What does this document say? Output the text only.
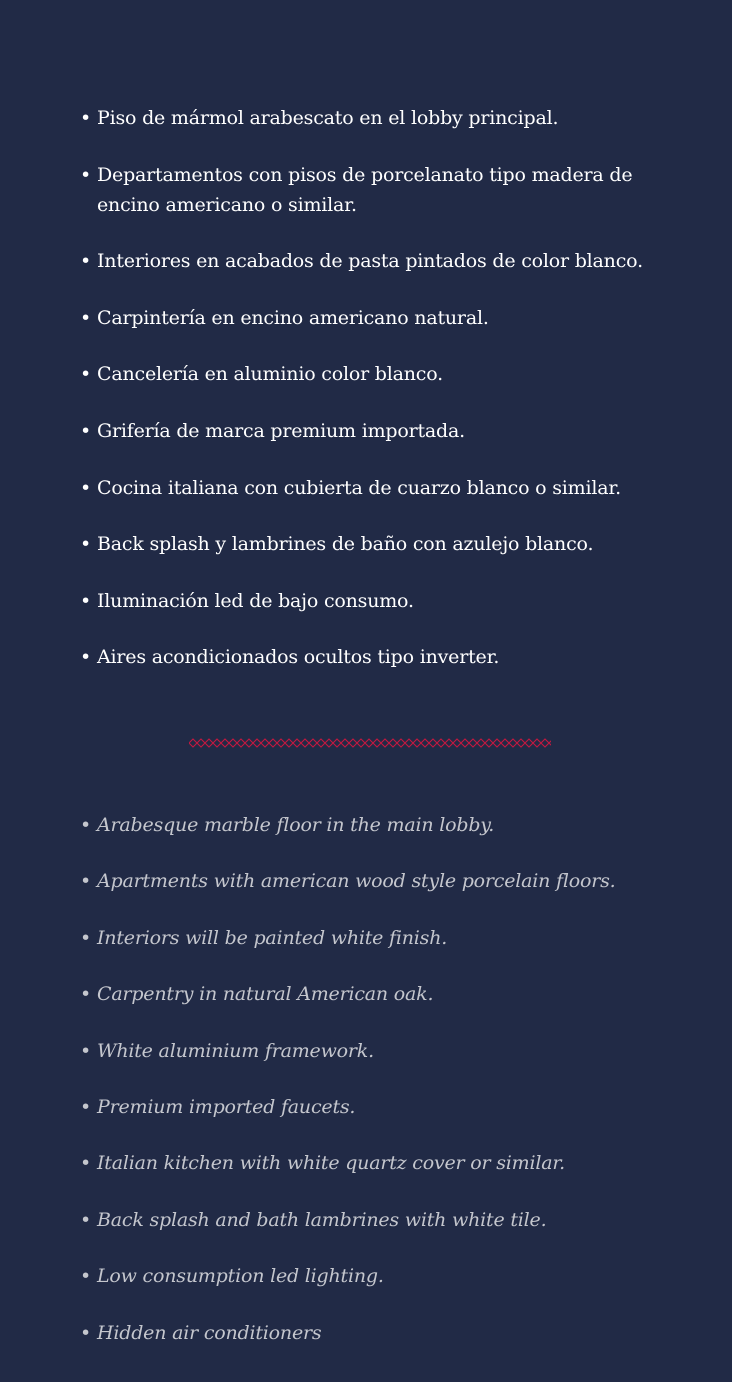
• Piso de mármol arabescato en el lobby principal.
• Departamentos con pisos de porcelanato tipo madera de encino americano o similar.
• Interiores en acabados de pasta pintados de color blanco.
• Carpintería en encino americano natural.
• Cancelería en aluminio color blanco.
• Grifería de marca premium importada.
• Cocina italiana con cubierta de cuarzo blanco o similar.
• Back splash y lambrines de baño con azulejo blanco.
• Iluminación led de bajo consumo.
• Aires acondicionados ocultos tipo inverter.
• Arabesque marble floor in the main lobby.
• Apartments with american wood style porcelain floors.
• Interiors will be painted white finish.
• Carpentry in natural American oak.
• White aluminium framework.
• Premium imported faucets.
• Italian kitchen with white quartz cover or similar.
• Back splash and bath lambrines with white tile.
• Low consumption led lighting.
• Hidden air conditioners
